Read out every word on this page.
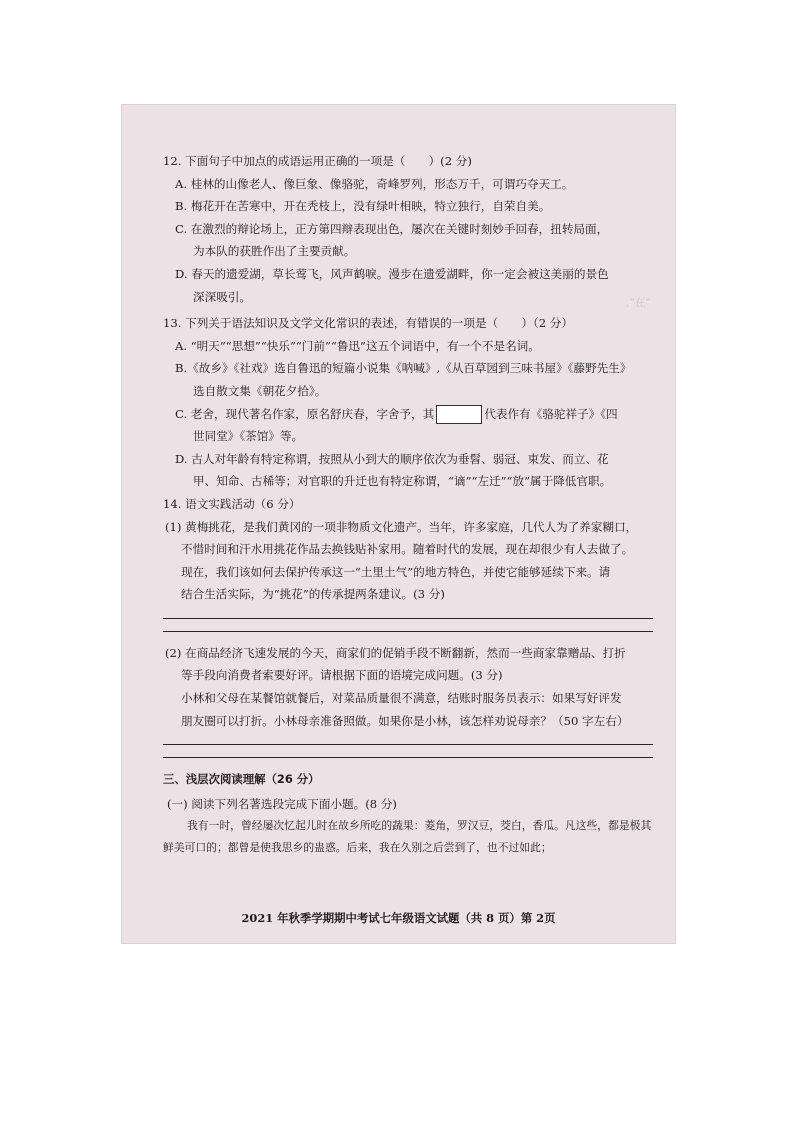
,"在"

12. 下面句子中加点的成语运用正确的一项是（　　）(2 分)

A. 桂林的山像老人、像巨象、像骆驼，奇峰罗列，形态万千，可谓巧夺天工。

B. 梅花开在苦寒中，开在秃枝上，没有绿叶相映，特立独行，自荣自美。

C. 在激烈的辩论场上，正方第四辩表现出色，屡次在关键时刻妙手回春，扭转局面，

为本队的获胜作出了主要贡献。

D. 春天的遗爱湖，草长莺飞，风声鹤唳。漫步在遗爱湖畔，你一定会被这美丽的景色

深深吸引。

13. 下列关于语法知识及文学文化常识的表述，有错误的一项是（　　）（2 分）

A. “明天”“思想”“快乐”“门前”“鲁迅”这五个词语中，有一个不是名词。

B.《故乡》《社戏》选自鲁迅的短篇小说集《呐喊》,《从百草园到三味书屋》《藤野先生》

选自散文集《朝花夕拾》。

C. 老舍，现代著名作家，原名舒庆春，字舍予，其	代表作有《骆驼祥子》《四

世同堂》《茶馆》等。

D. 古人对年龄有特定称谓，按照从小到大的顺序依次为垂髫、弱冠、束发、而立、花

甲、知命、古稀等；对官职的升迁也有特定称谓，“谪”“左迁”“放”属于降低官职。

14. 语文实践活动（6 分）

(1) 黄梅挑花，是我们黄冈的一项非物质文化遗产。当年，许多家庭，几代人为了养家糊口，

不惜时间和汗水用挑花作品去换钱贴补家用。随着时代的发展，现在却很少有人去做了。

现在，我们该如何去保护传承这一“土里土气”的地方特色，并使它能够延续下来。请

结合生活实际，为“挑花”的传承提两条建议。(3 分)

(2) 在商品经济飞速发展的今天，商家们的促销手段不断翻新，然而一些商家靠赠品、打折

等手段向消费者索要好评。请根据下面的语境完成问题。(3 分)

小林和父母在某餐馆就餐后，对菜品质量很不满意，结账时服务员表示：如果写好评发

朋友圈可以打折。小林母亲准备照做。如果你是小林，该怎样劝说母亲？（50 字左右）

三、浅层次阅读理解（26 分）

(一) 阅读下列名著选段完成下面小题。(8 分)

我有一时，曾经屡次忆起儿时在故乡所吃的蔬果：菱角，罗汉豆，茭白，香瓜。凡这些，都是极其鲜美可口的；都曾是使我思乡的蛊惑。后来，我在久别之后尝到了，也不过如此；

2021 年秋季学期期中考试七年级语文试题（共 8 页）第 2页
